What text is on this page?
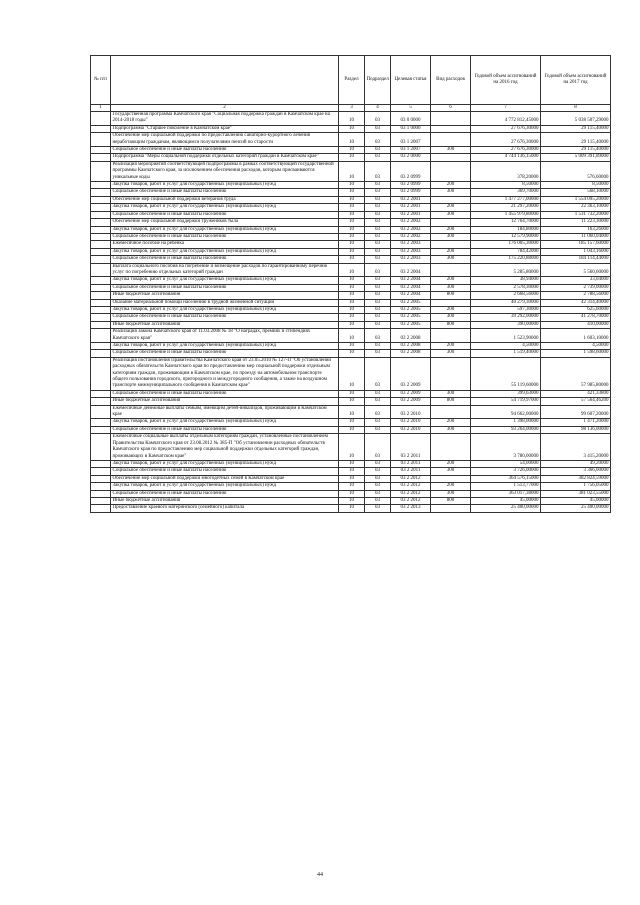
№ п/п		Раздел	Подраздел	Целевая статья	Вид расходов	Годовой объем ассигнований на 2016 год	Годовой объем ассигнований на 2017 год
1	2	3	4	5	6	7	8
	Государственная программа Камчатского края "Социальная поддержка граждан в Камчатском крае на 2014-2018 годы"	10	03	03 0 0000		4 772 812,45000	5 038 507,29000
	Подпрограмма "Старшее поколение в Камчатском крае"	10	03	03 1 0000		27 676,30000	29 115,40000
	Обеспечение мер социальной поддержки по предоставлению санаторно-курортного лечения неработающим гражданам, являющимся получателями пенсий по старости	10	03	03 1 2007		27 676,30000	29 115,40000
	Социальное обеспечение и иные выплаты населению	10	03	03 1 2007	300	27 676,30000	29 115,40000
	Подпрограмма "Меры социальной поддержки отдельных категорий граждан в Камчатском крае"	10	03	03 2 0000		4 744 136,15000	5 009 391,89000
	Реализация мероприятий соответствующей подпрограммы в рамках соответствующей государственной программы Камчатского края, за исключением обеспечения расходов, которым присваиваются уникальные коды	10	03	03 2 0999		378,20000	576,60000
	Закупка товаров, работ и услуг для государственных (муниципальных) нужд	10	03	03 2 0999	200	8,50000	8,50000
	Социальное обеспечение и иные выплаты населению	10	03	03 2 0999	300	369,70000	568,10000
	Обеспечение мер социальной поддержки ветеранов труда	10	03	03 2 2001		1 477 277,00000	1 554 095,20000
	Закупка товаров, работ и услуг для государственных (муниципальных) нужд	10	03	03 2 2001	200	21 297,20000	22 363,10000
	Социальное обеспечение и иные выплаты населению	10	03	03 2 2001	300	1 455 979,80000	1 531 732,20000
	Обеспечение мер социальной поддержки тружеников тыла	10	03	03 2 2002		12 764,70000	11 223,30000
	Закупка товаров, работ и услуг для государственных (муниципальных) нужд	10	03	03 2 2002	200	184,80000	163,26000
	Социальное обеспечение и иные выплаты населению	10	03	03 2 2002	300	12 579,90000	11 060,04000
	Ежемесячное пособие на ребенка	10	03	03 2 2003		176 005,30000	185 157,60000
	Закупка товаров, работ и услуг для государственных (муниципальных) нужд	10	03	03 2 2003	200	784,42000	1 043,16000
	Социальное обеспечение и иные выплаты населению	10	03	03 2 2003	300	175 220,88000	184 114,44000
	Выплата социального пособия на погребение и возмещение расходов по гарантированному перечню услуг по погребению отдельных категорий граждан	10	03	03 2 2004		5 285,80000	5 560,60000
	Закупка товаров, работ и услуг для государственных (муниципальных) нужд	10	03	03 2 2004	200	38,94000	33,04000
	Социальное обеспечение и иные выплаты населению	10	03	03 2 2004	300	2 578,30000	2 739,00000
	Иные бюджетные ассигнования	10	03	03 2 2004	800	2 668,56000	2 788,56000
	Оказание материальной помощи населению в трудной жизненной ситуации	10	03	03 2 2005		40 279,30000	42 314,40000
	Закупка товаров, работ и услуг для государственных (муниципальных) нужд	10	03	03 2 2005	200	597,30000	625,60000
	Социальное обеспечение и иные выплаты населению	10	03	03 2 2005	300	39 292,00000	41 278,70000
	Иные бюджетные ассигнования	10	03	03 2 2005	800	390,00000	410,00000
	Реализация Закона Камчатского края от 11.03.2008 № 18 "О наградах, премиях и стипендиях Камчатского края"	10	03	03 2 2008		1 523,90000	1 603,10000
	Закупка товаров, работ и услуг для государственных (муниципальных) нужд	10	03	03 2 2008	200	4,50000	4,50000
	Социальное обеспечение и иные выплаты населению	10	03	03 2 2008	300	1 519,40000	1 598,60000
	Реализация постановления Правительства Камчатского края от 23.05.2010 № 127-П "Об установлении расходных обязательств Камчатского края по предоставлению мер социальной поддержки отдельным категориям граждан, проживающим в Камчатском крае, по проезду на автомобильном транспорте общего пользования городского, пригородного и междугородного сообщения, а также на воздушном транспорте межмуниципального сообщения в Камчатском крае"	10	03	03 2 2009		55 119,60000	57 985,80000
	Социальное обеспечение и иные выплаты населению	10	03	03 2 2009	300	399,63000	421,33800
	Иные бюджетные ассигнования	10	03	03 2 2009	800	54 719,97000	57 564,46200
	Ежемесячные денежные выплаты семьям, имеющим детей-инвалидов, проживающим в Камчатском крае	10	03	03 2 2010		94 662,00000	99 607,20000
	Закупка товаров, работ и услуг для государственных (муниципальных) нужд	10	03	03 2 2010	200	1 398,00000	1 471,20000
	Социальное обеспечение и иные выплаты населению	10	03	03 2 2010	300	93 264,00000	98 136,00000
	Ежемесячные социальные выплаты отдельным категориям граждан, установленные постановлением Правительства Камчатского края от 23.08.2012 № 385-П "Об установлении расходных обязательств Камчатского края по предоставлению мер социальной поддержки отдельных категорий граждан, проживающих в Камчатском крае"	10	03	03 2 2011		3 780,00000	3 415,20000
	Закупка товаров, работ и услуг для государственных (муниципальных) нужд	10	03	03 2 2011	200	54,00000	49,20000
	Социальное обеспечение и иные выплаты населению	10	03	03 2 2011	300	3 726,00000	3 366,00000
	Обеспечение мер социальной поддержки многодетных семей в Камчатском крае	10	03	03 2 2012		364 576,15000	382 824,59000
	Закупка товаров, работ и услуг для государственных (муниципальных) нужд	10	03	03 2 2012	200	1 513,77000	1 756,05000
	Социальное обеспечение и иные выплаты населению	10	03	03 2 2012	300	363 017,38000	381 023,55000
	Иные бюджетные ассигнования	10	03	03 2 2012	800	45,00000	45,00000
	Предоставление краевого материнского (семейного) капитала	10	03	03 2 2013		25 400,00000	25 400,00000
44
